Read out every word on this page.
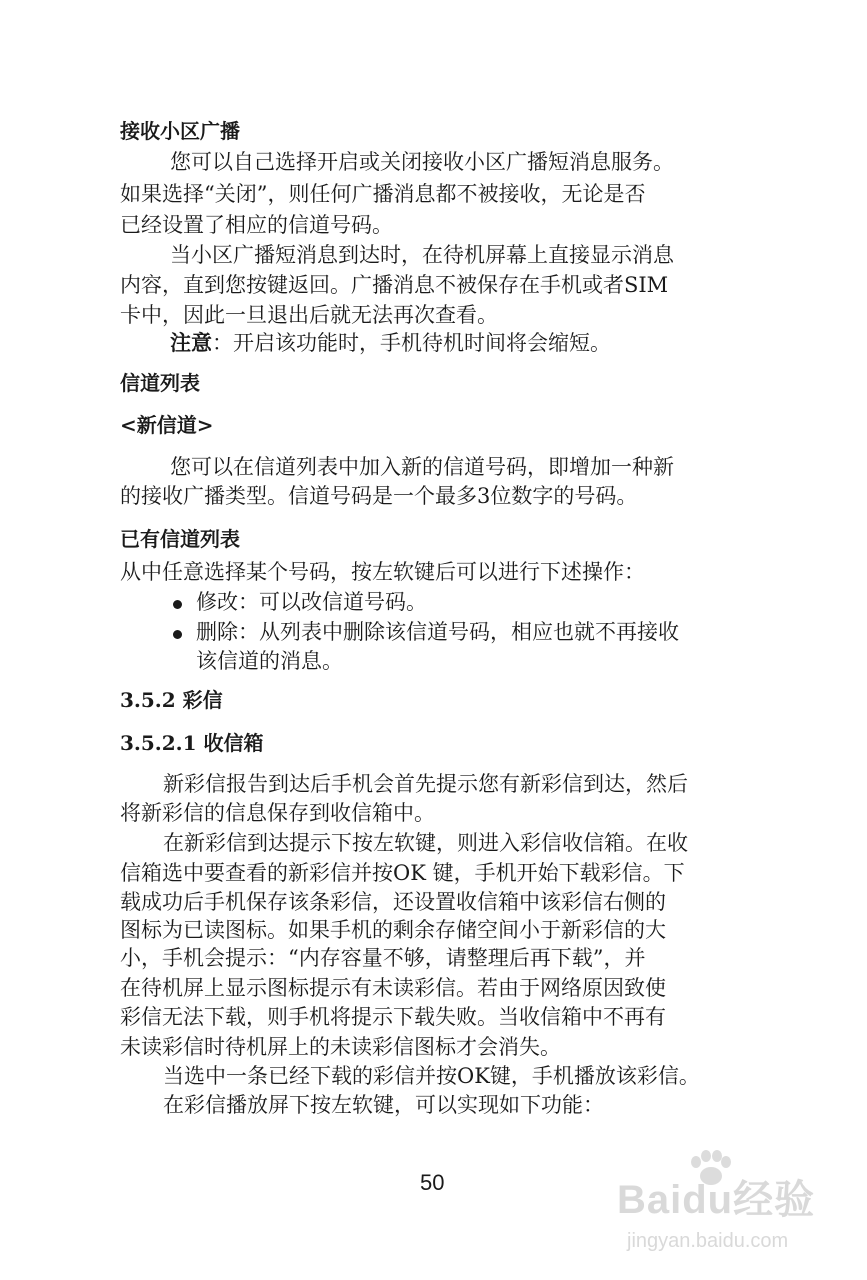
接收小区广播
您可以自己选择开启或关闭接收小区广播短消息服务。
如果选择“关闭”，则任何广播消息都不被接收，无论是否
已经设置了相应的信道号码。
当小区广播短消息到达时，在待机屏幕上直接显示消息
内容，直到您按键返回。广播消息不被保存在手机或者SIM
卡中，因此一旦退出后就无法再次查看。
注意：开启该功能时，手机待机时间将会缩短。
信道列表
<新信道>
您可以在信道列表中加入新的信道号码，即增加一种新
的接收广播类型。信道号码是一个最多3位数字的号码。
已有信道列表
从中任意选择某个号码，按左软键后可以进行下述操作：
修改：可以改信道号码。
删除：从列表中删除该信道号码，相应也就不再接收
该信道的消息。
3.5.2 彩信
3.5.2.1 收信箱
新彩信报告到达后手机会首先提示您有新彩信到达，然后
将新彩信的信息保存到收信箱中。
在新彩信到达提示下按左软键，则进入彩信收信箱。在收
信箱选中要查看的新彩信并按OK 键，手机开始下载彩信。下
载成功后手机保存该条彩信，还设置收信箱中该彩信右侧的
图标为已读图标。如果手机的剩余存储空间小于新彩信的大
小，手机会提示：“内存容量不够，请整理后再下载”，并
在待机屏上显示图标提示有未读彩信。若由于网络原因致使
彩信无法下载，则手机将提示下载失败。当收信箱中不再有
未读彩信时待机屏上的未读彩信图标才会消失。
当选中一条已经下载的彩信并按OK键，手机播放该彩信。
在彩信播放屏下按左软键，可以实现如下功能：
50	Baidu经验
jingyan.baidu.com
